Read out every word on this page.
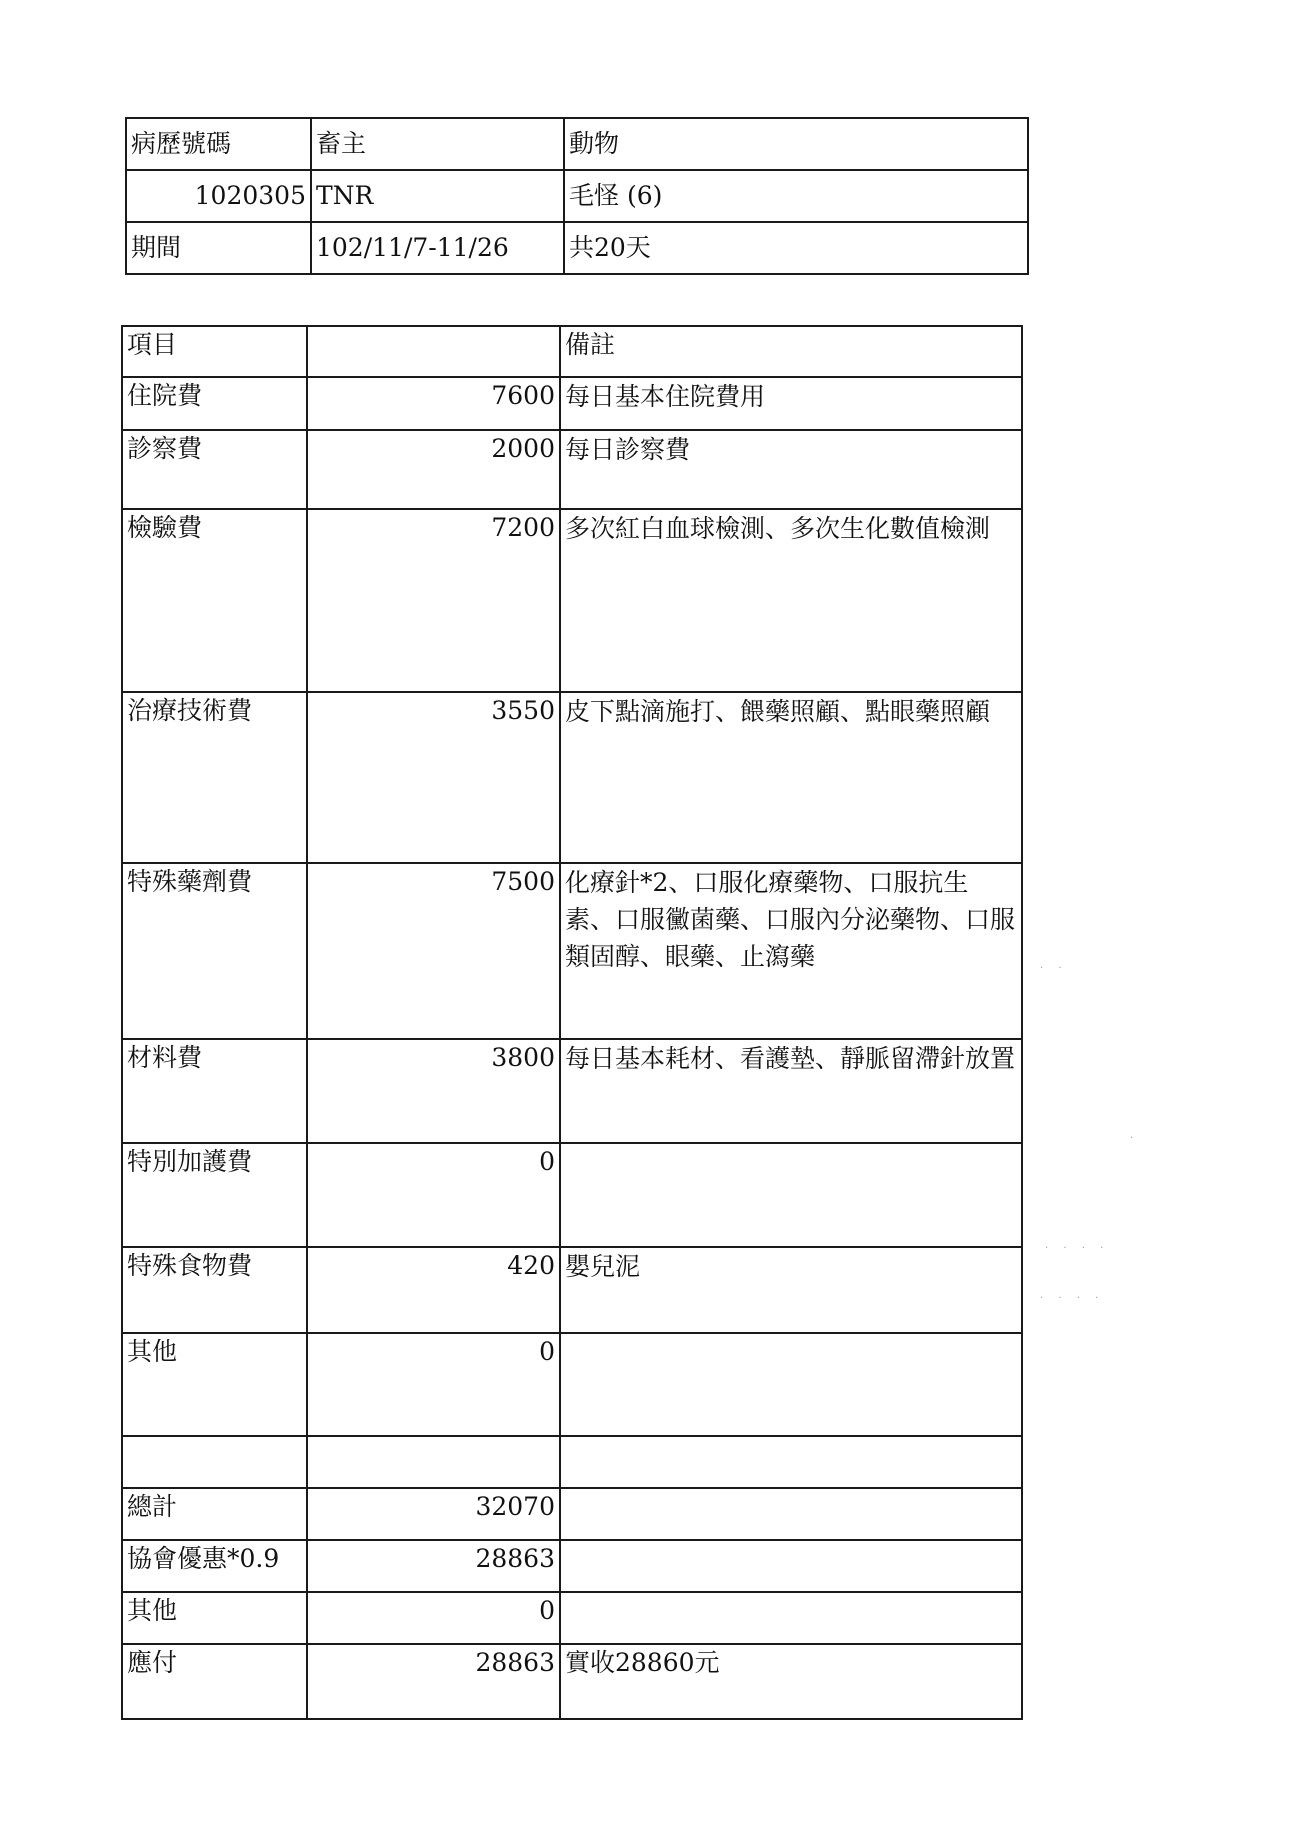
病歷號碼	畜主	動物
1020305	TNR	毛怪 (6)
期間	102/11/7-11/26	共20天
項目		備註
住院費	7600	每日基本住院費用
診察費	2000	每日診察費
檢驗費	7200	多次紅白血球檢測、多次生化數值檢測
治療技術費	3550	皮下點滴施打、餵藥照顧、點眼藥照顧
特殊藥劑費	7500	化療針*2、口服化療藥物、口服抗生素、口服黴菌藥、口服內分泌藥物、口服類固醇、眼藥、止瀉藥
材料費	3800	每日基本耗材、看護墊、靜脈留滯針放置
特別加護費	0	
特殊食物費	420	嬰兒泥
其他	0	

總計	32070	
協會優惠*0.9	28863	
其他	0	
應付	28863	實收28860元
. .
. . . .
. . . .
.
